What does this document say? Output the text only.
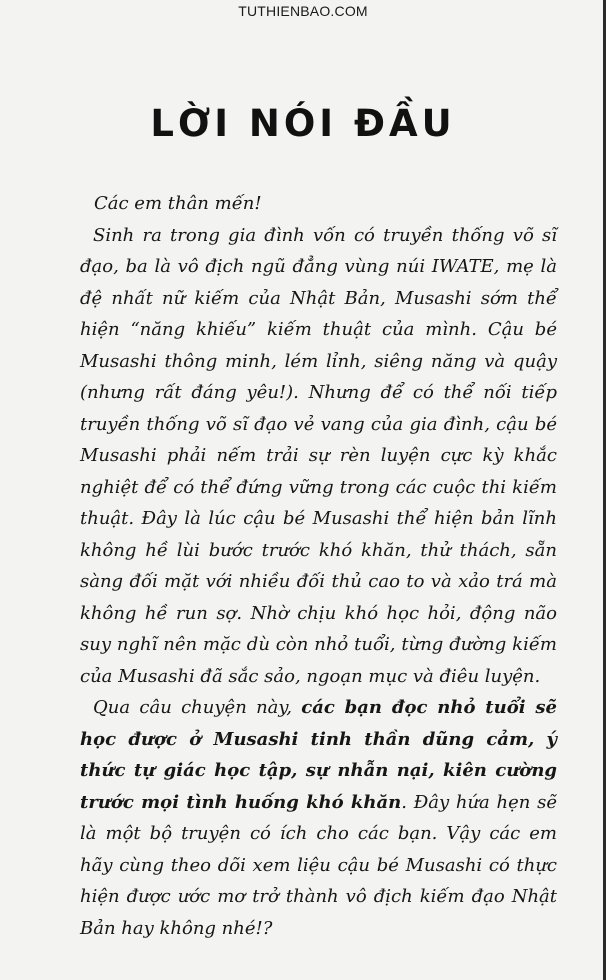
TUTHIENBAO.COM
LỜI NÓI ĐẦU

Các em thân mến!

Sinh ra trong gia đình vốn có truyền thống võ sĩ đạo, ba là vô địch ngũ đẳng vùng núi IWATE, mẹ là đệ nhất nữ kiếm của Nhật Bản, Musashi sớm thể hiện “năng khiếu” kiếm thuật của mình. Cậu bé Musashi thông minh, lém lỉnh, siêng năng và quậy (nhưng rất đáng yêu!). Nhưng để có thể nối tiếp truyền thống võ sĩ đạo vẻ vang của gia đình, cậu bé Musashi phải nếm trải sự rèn luyện cực kỳ khắc nghiệt để có thể đứng vững trong các cuộc thi kiếm thuật. Đây là lúc cậu bé Musashi thể hiện bản lĩnh không hề lùi bước trước khó khăn, thử thách, sẵn sàng đối mặt với nhiều đối thủ cao to và xảo trá mà không hề run sợ. Nhờ chịu khó học hỏi, động não suy nghĩ nên mặc dù còn nhỏ tuổi, từng đường kiếm của Musashi đã sắc sảo, ngoạn mục và điêu luyện.

Qua câu chuyện này, các bạn đọc nhỏ tuổi sẽ học được ở Musashi tinh thần dũng cảm, ý thức tự giác học tập, sự nhẫn nại, kiên cường trước mọi tình huống khó khăn. Đây hứa hẹn sẽ là một bộ truyện có ích cho các bạn. Vậy các em hãy cùng theo dõi xem liệu cậu bé Musashi có thực hiện được ước mơ trở thành vô địch kiếm đạo Nhật Bản hay không nhé!?
